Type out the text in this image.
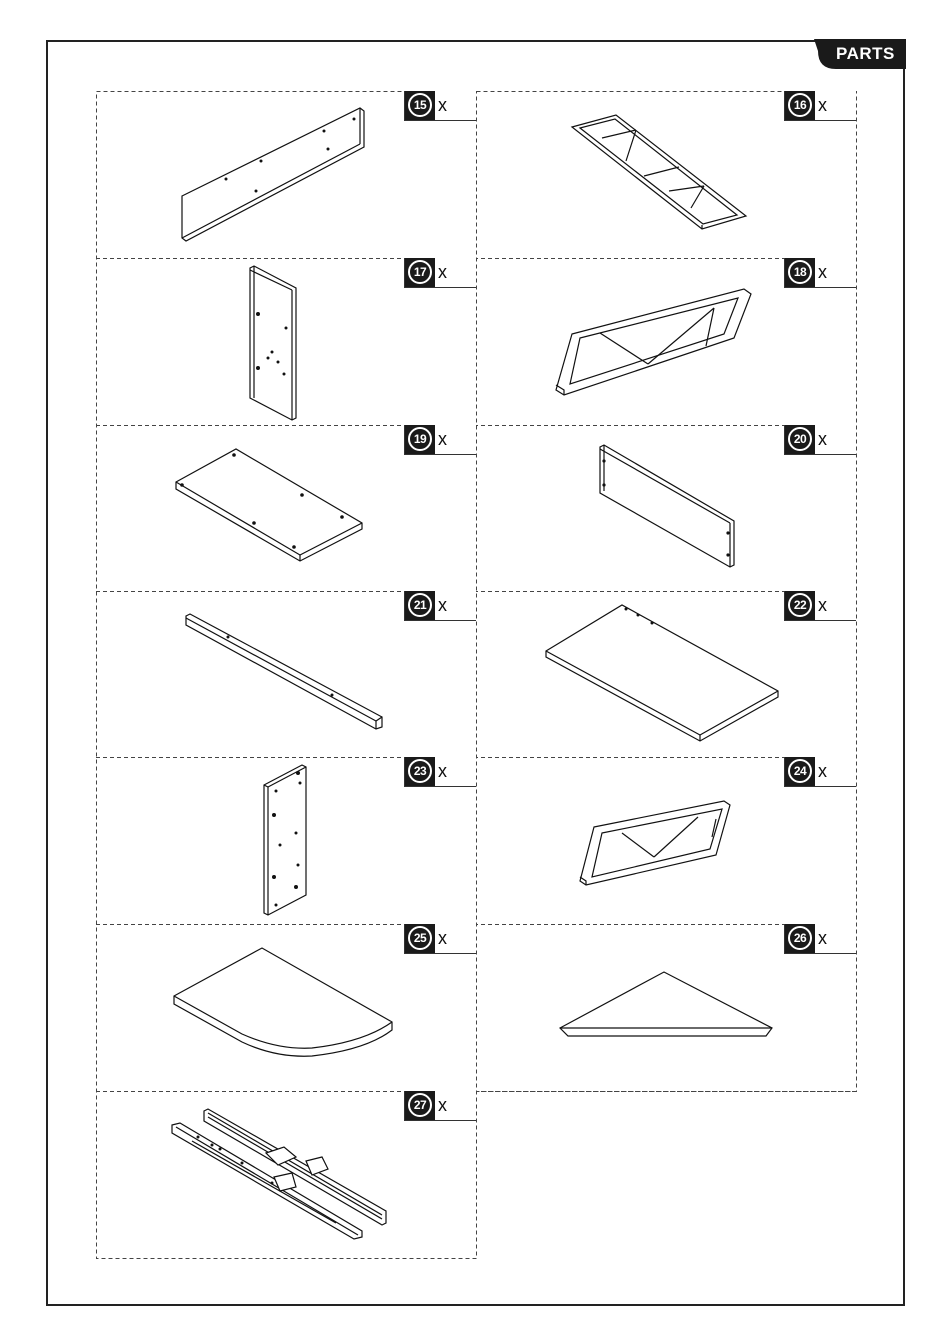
PARTS
15 x	16 x
17 x	18 x
19 x	20 x
21 x	22 x
23 x	24 x
25 x	26 x
27 x
